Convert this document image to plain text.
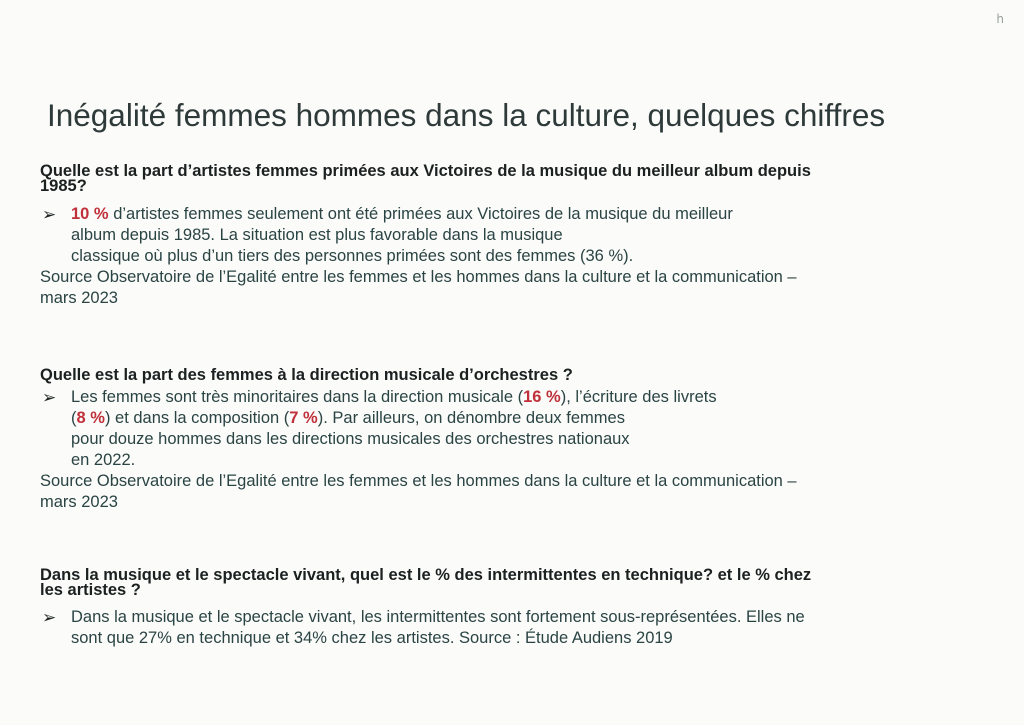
h
Inégalité femmes hommes dans la culture, quelques chiffres

Quelle est la part d’artistes femmes primées aux Victoires de la musique du meilleur album depuis
1985?

➢ 10 % d’artistes femmes seulement ont été primées aux Victoires de la musique du meilleur
album depuis 1985. La situation est plus favorable dans la musique
classique où plus d’un tiers des personnes primées sont des femmes (36 %).

Source Observatoire de l’Egalité entre les femmes et les hommes dans la culture et la communication –
mars 2023

Quelle est la part des femmes à la direction musicale d’orchestres ?

➢ Les femmes sont très minoritaires dans la direction musicale (16 %), l’écriture des livrets
(8 %) et dans la composition (7 %). Par ailleurs, on dénombre deux femmes
pour douze hommes dans les directions musicales des orchestres nationaux
en 2022.

Source Observatoire de l’Egalité entre les femmes et les hommes dans la culture et la communication –
mars 2023

Dans la musique et le spectacle vivant, quel est le % des intermittentes en technique? et le % chez
les artistes ?

➢ Dans la musique et le spectacle vivant, les intermittentes sont fortement sous-représentées. Elles ne
sont que 27% en technique et 34% chez les artistes. Source : Étude Audiens 2019
